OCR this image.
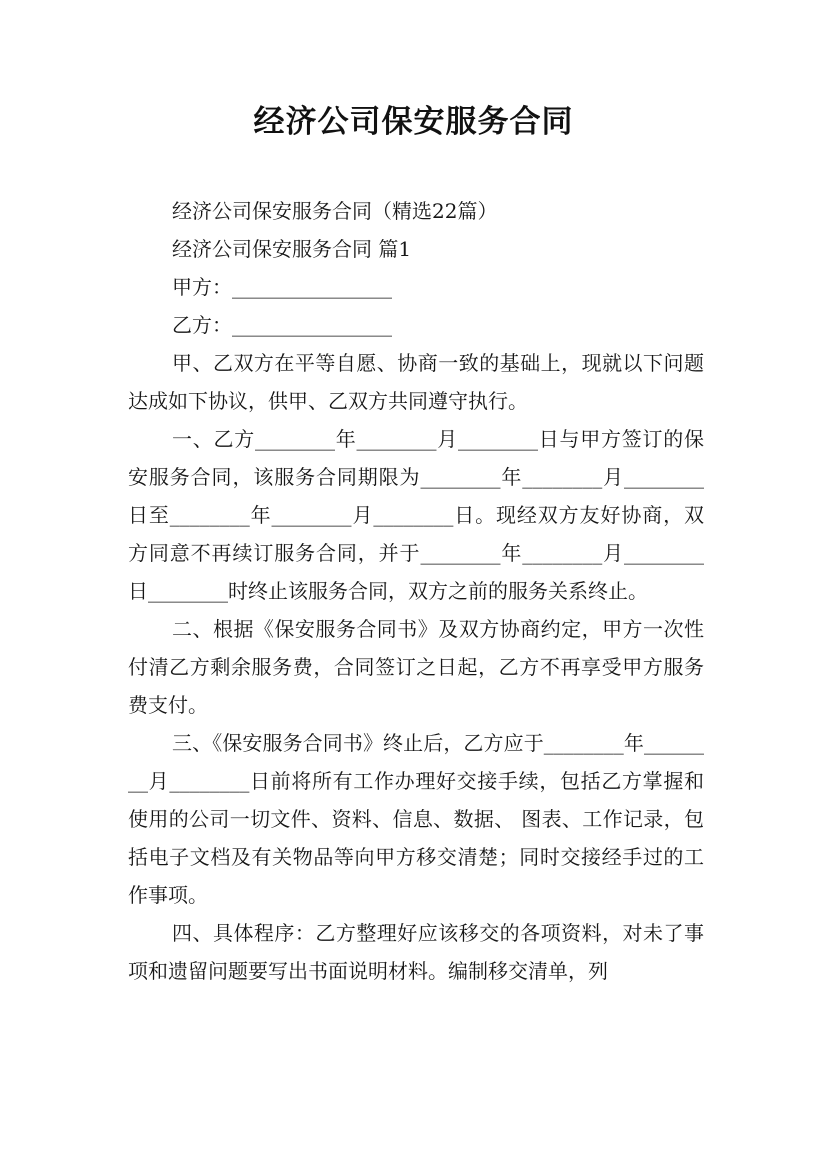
经济公司保安服务合同

经济公司保安服务合同（精选22篇）

经济公司保安服务合同 篇1

甲方：________________

乙方：________________

甲、乙双方在平等自愿、协商一致的基础上，现就以下问题达成如下协议，供甲、乙双方共同遵守执行。

一、乙方________年________月________日与甲方签订的保安服务合同，该服务合同期限为________年________月________日至________年________月________日。现经双方友好协商，双方同意不再续订服务合同，并于________年________月________日________时终止该服务合同，双方之前的服务关系终止。

二、根据《保安服务合同书》及双方协商约定，甲方一次性付清乙方剩余服务费，合同签订之日起，乙方不再享受甲方服务费支付。

三、《保安服务合同书》终止后，乙方应于________年________月________日前将所有工作办理好交接手续，包括乙方掌握和使用的公司一切文件、资料、信息、数据、 图表、工作记录，包括电子文档及有关物品等向甲方移交清楚；同时交接经手过的工作事项。

四、具体程序：乙方整理好应该移交的各项资料，对未了事项和遗留问题要写出书面说明材料。编制移交清单，列
